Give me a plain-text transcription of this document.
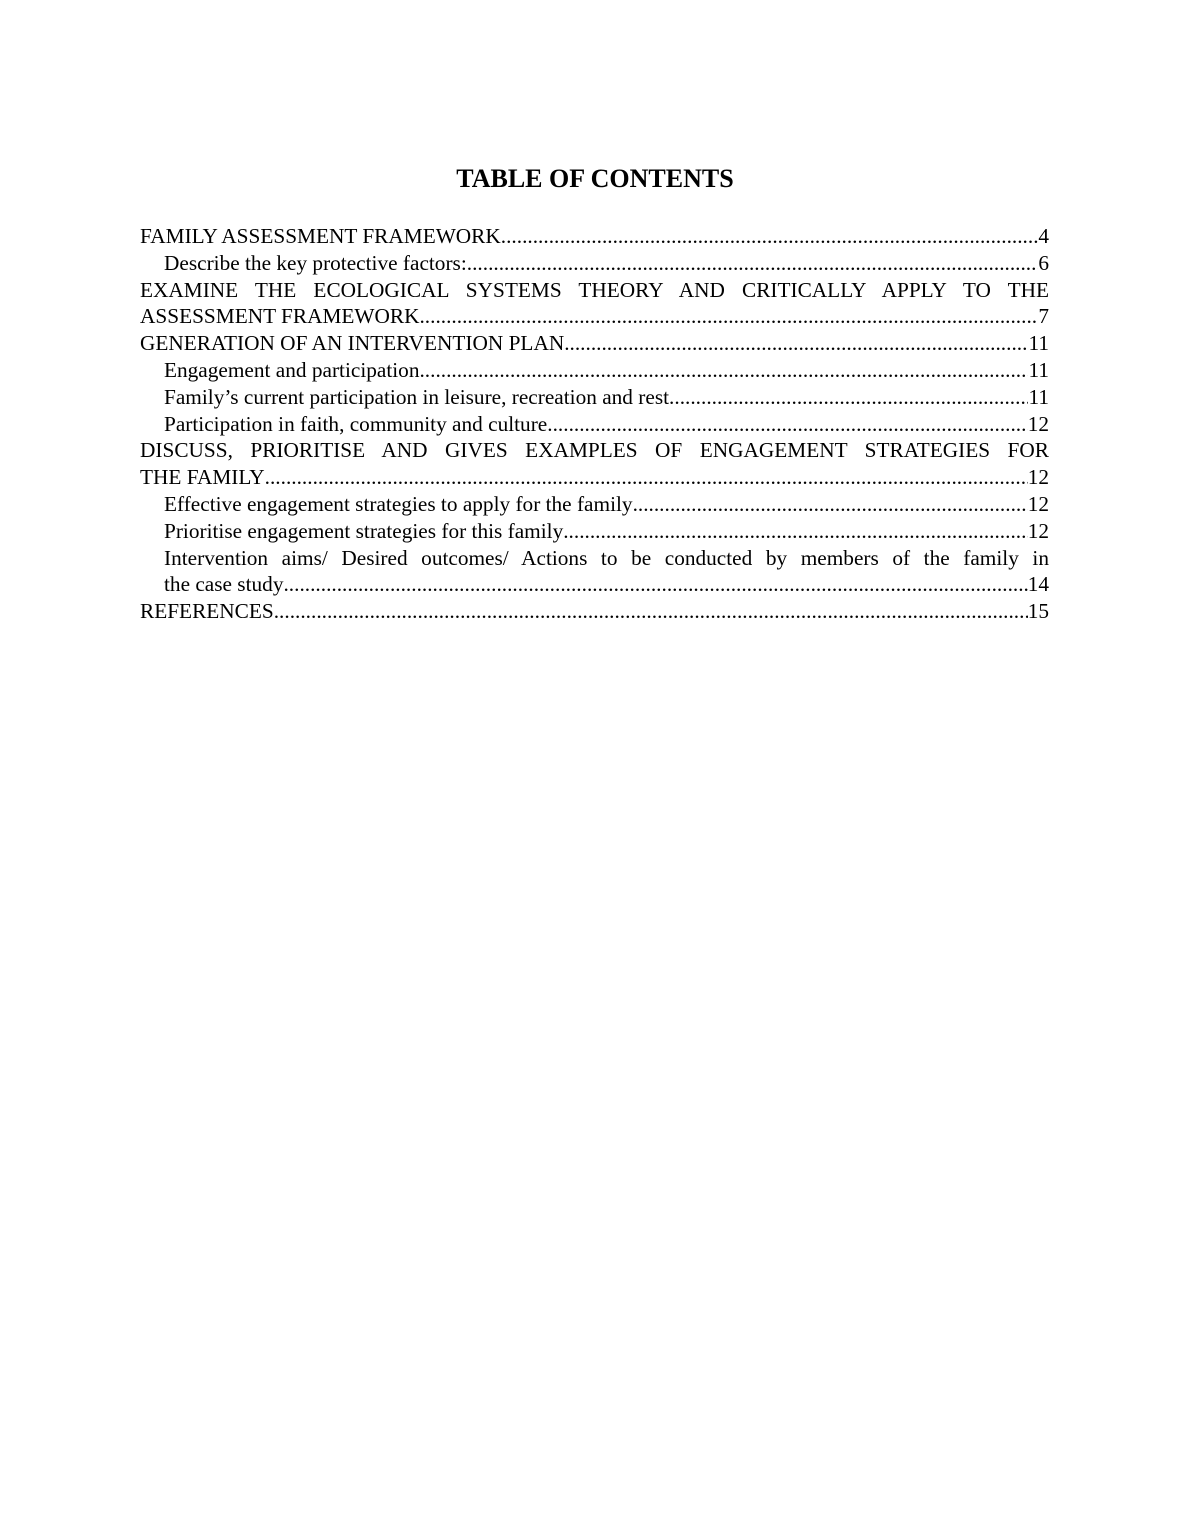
TABLE OF CONTENTS
FAMILY ASSESSMENT FRAMEWORK .....	4
Describe the key protective factors: .....	6
EXAMINE THE ECOLOGICAL SYSTEMS THEORY AND CRITICALLY APPLY TO THE
ASSESSMENT FRAMEWORK .....	7
GENERATION OF AN INTERVENTION PLAN .....	11
Engagement and participation .....	11
Family’s current participation in leisure, recreation and rest .....	11
Participation in faith, community and culture .....	12
DISCUSS, PRIORITISE AND GIVES EXAMPLES OF ENGAGEMENT STRATEGIES FOR
THE FAMILY .....	12
Effective engagement strategies to apply for the family .....	12
Prioritise engagement strategies for this family .....	12
Intervention aims/ Desired outcomes/ Actions to be conducted by members of the family in
the case study .....	14
REFERENCES .....	15
